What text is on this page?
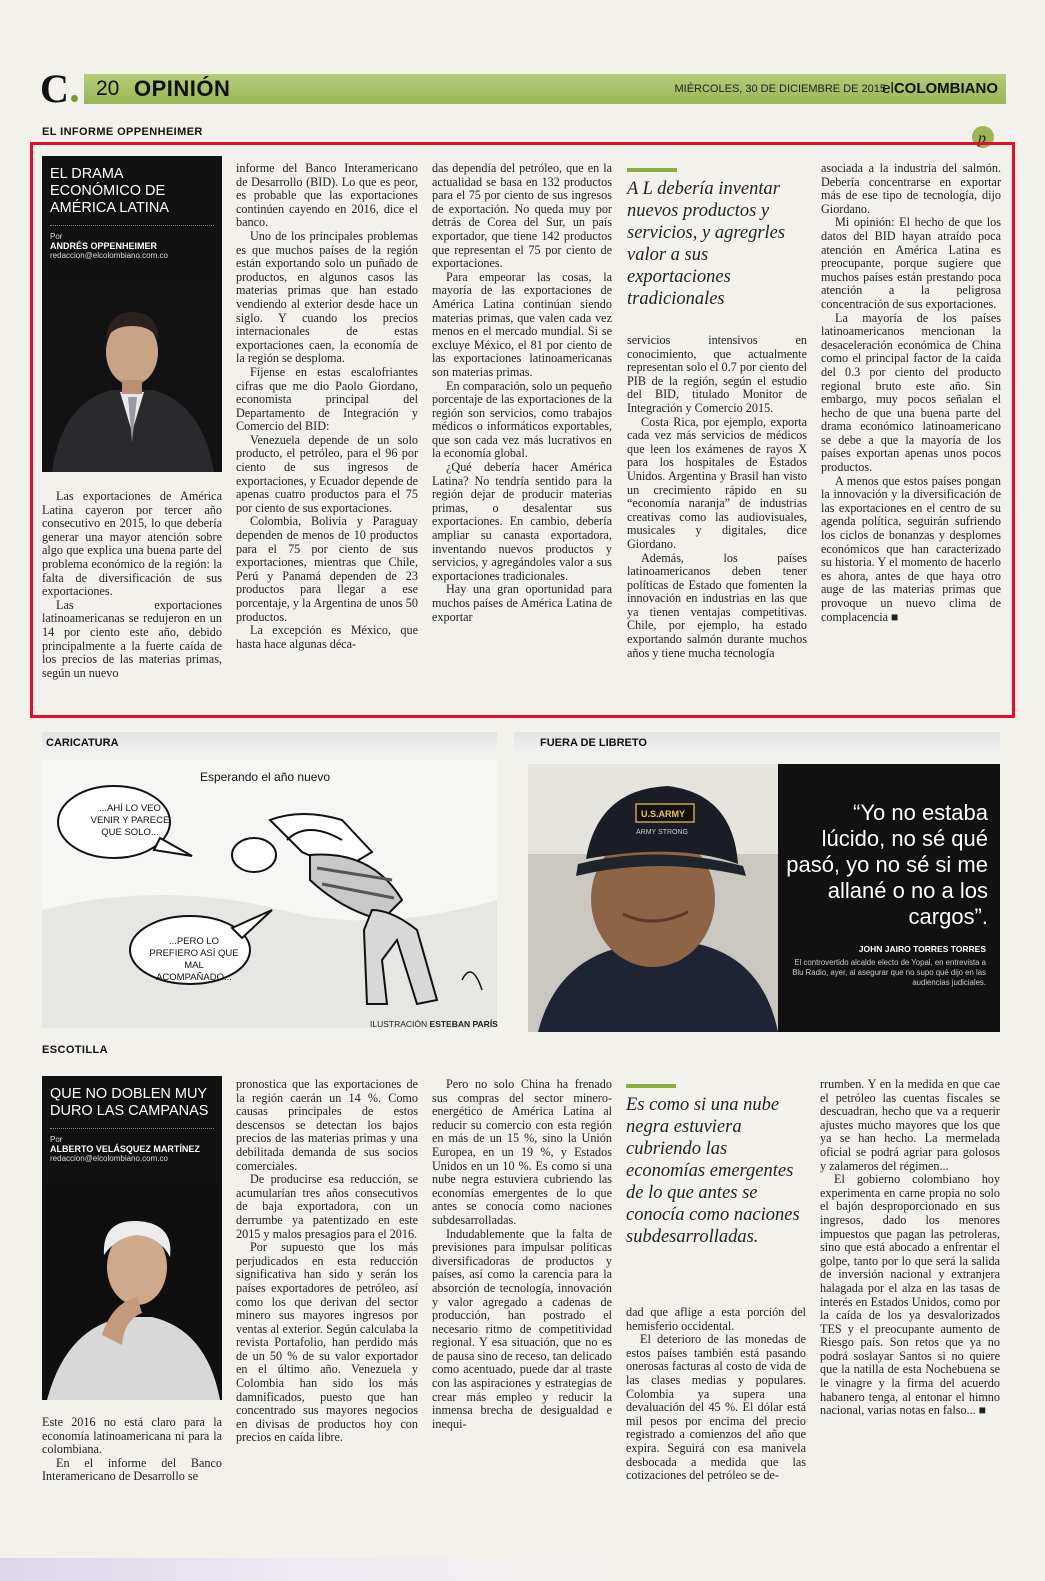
C	20 OPINIÓN	MIÉRCOLES, 30 DE DICIEMBRE DE 2015
elCOLOMBIANO
EL INFORME OPPENHEIMER	p
EL DRAMA ECONÓMICO DE AMÉRICA LATINA
Por
ANDRÉS OPPENHEIMER
redaccion@elcolombiano.com.co

Las exportaciones de América Latina cayeron por tercer año consecutivo en 2015, lo que debería generar una mayor atención sobre algo que explica una buena parte del problema económico de la región: la falta de diversificación de sus exportaciones.

Las exportaciones latinoamericanas se redujeron en un 14 por ciento este año, debido principalmente a la fuerte caída de los precios de las materias primas, según un nuevo

informe del Banco Interamericano de Desarrollo (BID). Lo que es peor, es probable que las exportaciones continúen cayendo en 2016, dice el banco.

Uno de los principales problemas es que muchos países de la región están exportando solo un puñado de productos, en algunos casos las materias primas que han estado vendiendo al exterior desde hace un siglo. Y cuando los precios internacionales de estas exportaciones caen, la economía de la región se desploma.

Fíjense en estas escalofriantes cifras que me dio Paolo Giordano, economista principal del Departamento de Integración y Comercio del BID:

Venezuela depende de un solo producto, el petróleo, para el 96 por ciento de sus ingresos de exportaciones, y Ecuador depende de apenas cuatro productos para el 75 por ciento de sus exportaciones.

Colombia, Bolivia y Paraguay dependen de menos de 10 productos para el 75 por ciento de sus exportaciones, mientras que Chile, Perú y Panamá dependen de 23 productos para llegar a ese porcentaje, y la Argentina de unos 50 productos.

La excepción es México, que hasta hace algunas déca-

das dependía del petróleo, que en la actualidad se basa en 132 productos para el 75 por ciento de sus ingresos de exportación. No queda muy por detrás de Corea del Sur, un país exportador, que tiene 142 productos que representan el 75 por ciento de exportaciones.

Para empeorar las cosas, la mayoría de las exportaciones de América Latina continúan siendo materias primas, que valen cada vez menos en el mercado mundial. Si se excluye México, el 81 por ciento de las exportaciones latinoamericanas son materias primas.

En comparación, solo un pequeño porcentaje de las exportaciones de la región son servicios, como trabajos médicos o informáticos exportables, que son cada vez más lucrativos en la economía global.

¿Qué debería hacer América Latina? No tendría sentido para la región dejar de producir materias primas, o desalentar sus exportaciones. En cambio, debería ampliar su canasta exportadora, inventando nuevos productos y servicios, y agregándoles valor a sus exportaciones tradicionales.

Hay una gran oportunidad para muchos países de América Latina de exportar

A L debería inventar nuevos productos y servicios, y agregrles valor a sus exportaciones tradicionales

servicios intensivos en conocimiento, que actualmente representan solo el 0.7 por ciento del PIB de la región, según el estudio del BID, titulado Monitor de Integración y Comercio 2015.

Costa Rica, por ejemplo, exporta cada vez más servicios de médicos que leen los exámenes de rayos X para los hospitales de Estados Unidos. Argentina y Brasil han visto un crecimiento rápido en su “economía naranja” de industrias creativas como las audiovisuales, musicales y digitales, dice Giordano.

Además, los países latinoamericanos deben tener políticas de Estado que fomenten la innovación en industrias en las que ya tienen ventajas competitivas. Chile, por ejemplo, ha estado exportando salmón durante muchos años y tiene mucha tecnología

asociada a la industria del salmón. Debería concentrarse en exportar más de ese tipo de tecnología, dijo Giordano.

Mi opinión: El hecho de que los datos del BID hayan atraído poca atención en América Latina es preocupante, porque sugiere que muchos países están prestando poca atención a la peligrosa concentración de sus exportaciones.

La mayoría de los países latinoamericanos mencionan la desaceleración económica de China como el principal factor de la caída del 0.3 por ciento del producto regional bruto este año. Sin embargo, muy pocos señalan el hecho de que una buena parte del drama económico latinoamericano se debe a que la mayoría de los países exportan apenas unos pocos productos.

A menos que estos países pongan la innovación y la diversificación de las exportaciones en el centro de su agenda política, seguirán sufriendo los ciclos de bonanzas y desplomes económicos que han caracterizado su historia. Y el momento de hacerlo es ahora, antes de que haya otro auge de las materias primas que provoque un nuevo clima de complacencia ■

CARICATURA
Esperando el año nuevo
...AHÍ LO VEO VENIR Y PARECE QUE SOLO...
...PERO LO PREFIERO ASÍ QUE MAL ACOMPAÑADO...
ILUSTRACIÓN ESTEBAN PARÍS
FUERA DE LIBRETO
U.S.ARMY
ARMY STRONG
“Yo no estaba lúcido, no sé qué pasó, yo no sé si me allané o no a los cargos”.
JOHN JAIRO TORRES TORRES
El controvertido alcalde electo de Yopal, en entrevista a Blu Radio, ayer, al asegurar que no supo qué dijo en las audiencias judiciales.
ESCOTILLA
QUE NO DOBLEN MUY DURO LAS CAMPANAS
Por
ALBERTO VELÁSQUEZ MARTÍNEZ
redaccion@elcolombiano.com.co

Este 2016 no está claro para la economía latinoamericana ni para la colombiana.

En el informe del Banco Interamericano de Desarrollo se

pronostica que las exportaciones de la región caerán un 14 %. Como causas principales de estos descensos se detectan los bajos precios de las materias primas y una debilitada demanda de sus socios comerciales.

De producirse esa reducción, se acumularían tres años consecutivos de baja exportadora, con un derrumbe ya patentizado en este 2015 y malos presagios para el 2016.

Por supuesto que los más perjudicados en esta reducción significativa han sido y serán los países exportadores de petróleo, así como los que derivan del sector minero sus mayores ingresos por ventas al exterior. Según calculaba la revista Portafolio, han perdido más de un 50 % de su valor exportador en el último año. Venezuela y Colombia han sido los más damnificados, puesto que han concentrado sus mayores negocios en divisas de productos hoy con precios en caída libre.

Pero no solo China ha frenado sus compras del sector minero-energético de América Latina al reducir su comercio con esta región en más de un 15 %, sino la Unión Europea, en un 19 %, y Estados Unidos en un 10 %. Es como si una nube negra estuviera cubriendo las economías emergentes de lo que antes se conocía como naciones subdesarrolladas.

Indudablemente que la falta de previsiones para impulsar políticas diversificadoras de productos y países, así como la carencia para la absorción de tecnología, innovación y valor agregado a cadenas de producción, han postrado el necesario ritmo de competitividad regional. Y esa situación, que no es de pausa sino de receso, tan delicado como acentuado, puede dar al traste con las aspiraciones y estrategias de crear más empleo y reducir la inmensa brecha de desigualdad e inequi-

Es como si una nube negra estuviera cubriendo las economías emergentes de lo que antes se conocía como naciones subdesarrolladas.

dad que aflige a esta porción del hemisferio occidental.

El deterioro de las monedas de estos países también está pasando onerosas facturas al costo de vida de las clases medias y populares. Colombia ya supera una devaluación del 45 %. El dólar está mil pesos por encima del precio registrado a comienzos del año que expira. Seguirá con esa manivela desbocada a medida que las cotizaciones del petróleo se de-

rrumben. Y en la medida en que cae el petróleo las cuentas fiscales se descuadran, hecho que va a requerir ajustes mucho mayores que los que ya se han hecho. La mermelada oficial se podrá agriar para golosos y zalameros del régimen...

El gobierno colombiano hoy experimenta en carne propia no solo el bajón desproporcionado en sus ingresos, dado los menores impuestos que pagan las petroleras, sino que está abocado a enfrentar el golpe, tanto por lo que será la salida de inversión nacional y extranjera halagada por el alza en las tasas de interés en Estados Unidos, como por la caída de los ya desvalorizados TES y el preocupante aumento de Riesgo país. Son retos que ya no podrá soslayar Santos si no quiere que la natilla de esta Nochebuena se le vinagre y la firma del acuerdo habanero tenga, al entonar el himno nacional, varias notas en falso... ■
